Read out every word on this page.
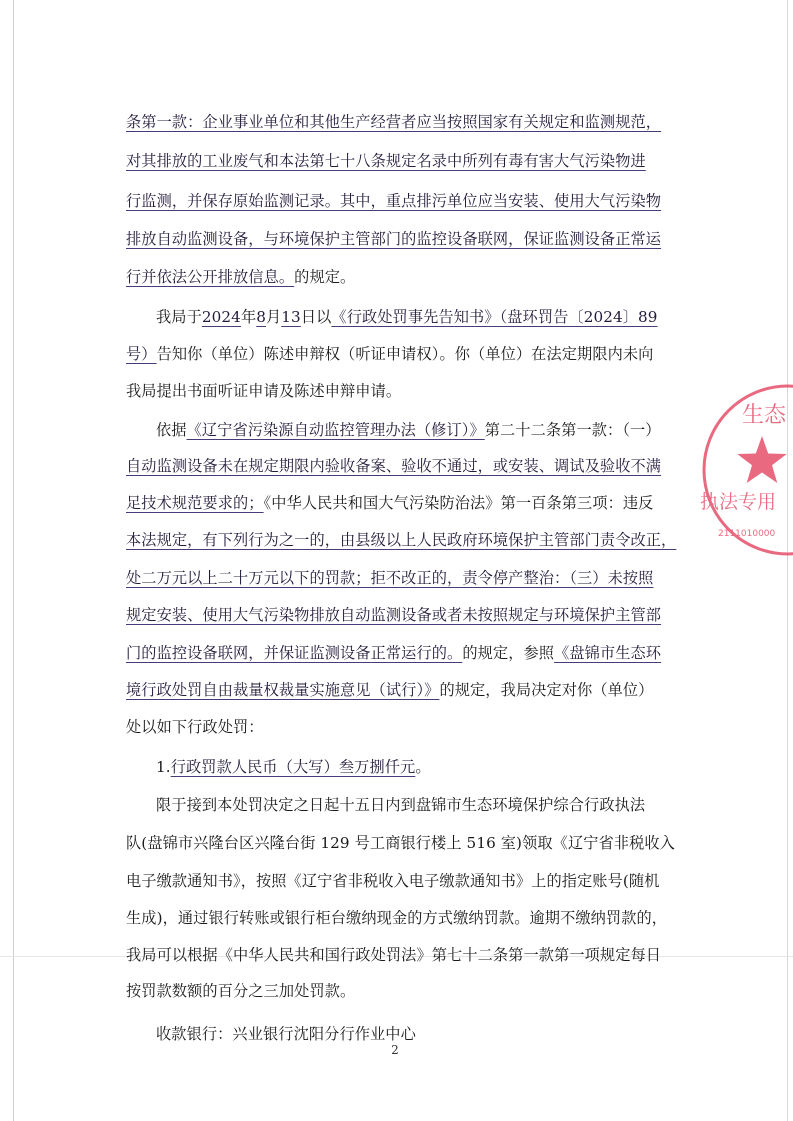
条第一款：企业事业单位和其他生产经营者应当按照国家有关规定和监测规范，
对其排放的工业废气和本法第七十八条规定名录中所列有毒有害大气污染物进
行监测，并保存原始监测记录。其中，重点排污单位应当安装、使用大气污染物
排放自动监测设备，与环境保护主管部门的监控设备联网，保证监测设备正常运
行并依法公开排放信息。的规定。
我局于2024年8月13日以《行政处罚事先告知书》（盘环罚告〔2024〕89
号）告知你（单位）陈述申辩权（听证申请权）。你（单位）在法定期限内未向
我局提出书面听证申请及陈述申辩申请。
依据《辽宁省污染源自动监控管理办法（修订）》第二十二条第一款：（一）
自动监测设备未在规定期限内验收备案、验收不通过，或安装、调试及验收不满
足技术规范要求的；《中华人民共和国大气污染防治法》第一百条第三项：违反
本法规定，有下列行为之一的，由县级以上人民政府环境保护主管部门责令改正，
处二万元以上二十万元以下的罚款；拒不改正的，责令停产整治：（三）未按照
规定安装、使用大气污染物排放自动监测设备或者未按照规定与环境保护主管部
门的监控设备联网，并保证监测设备正常运行的。的规定，参照《盘锦市生态环
境行政处罚自由裁量权裁量实施意见（试行）》的规定，我局决定对你（单位）
处以如下行政处罚：
1.行政罚款人民币（大写）叁万捌仟元。
限于接到本处罚决定之日起十五日内到盘锦市生态环境保护综合行政执法
队(盘锦市兴隆台区兴隆台街 129 号工商银行楼上 516 室)领取《辽宁省非税收入
电子缴款通知书》，按照《辽宁省非税收入电子缴款通知书》上的指定账号(随机
生成)，通过银行转账或银行柜台缴纳现金的方式缴纳罚款。逾期不缴纳罚款的，
我局可以根据《中华人民共和国行政处罚法》第七十二条第一款第一项规定每日
按罚款数额的百分之三加处罚款。
收款银行：兴业银行沈阳分行作业中心
生态
执法专用
2111010000
2
